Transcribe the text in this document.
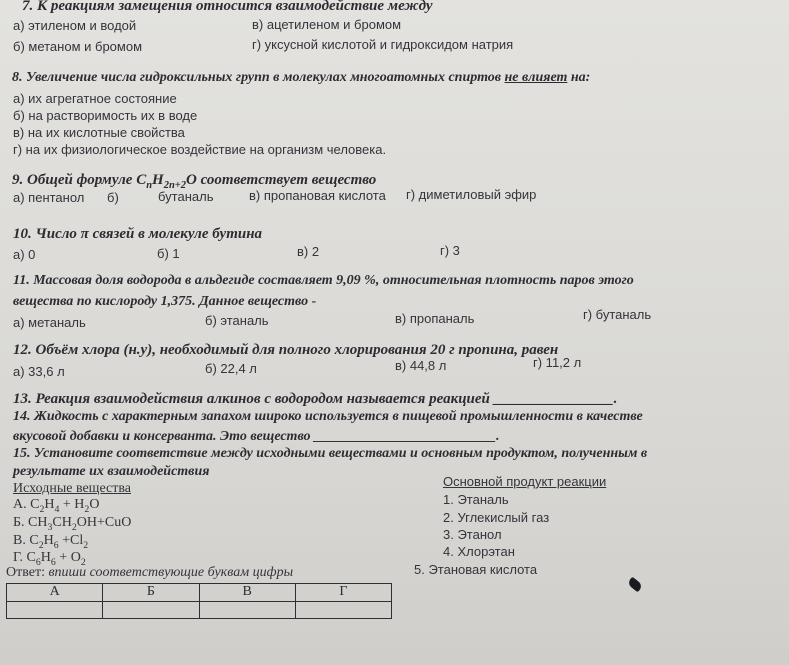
7. К реакциям замещения относится взаимодействие между
а) этиленом и водой	в) ацетиленом и бромом
б) метаном и бромом	г) уксусной кислотой и гидроксидом натрия
8. Увеличение числа гидроксильных групп в молекулах многоатомных спиртов не влияет на:
а) их агрегатное состояние
б) на растворимость их в воде
в) на их кислотные свойства
г) на их физиологическое воздействие на организм человека.
9. Общей формуле $C_nH_{2n+2}O$ соответствует вещество
а) пентанол б)	бутаналь	в) пропановая кислота г) диметиловый эфир
10. Число π связей в молекуле бутина
а) 0	б) 1	в) 2	г) 3
11. Массовая доля водорода в альдегиде составляет 9,09 %, относительная плотность паров этого
вещества по кислороду 1,375. Данное вещество -
а) метаналь	б) этаналь	в) пропаналь	г) бутаналь
12. Объём хлора (н.у), необходимый для полного хлорирования 20 г пропина, равен
а) 33,6 л	б) 22,4 л	в) 44,8 л	г) 11,2 л
13. Реакция взаимодействия алкинов с водородом называется реакцией ________________.
14. Жидкость с характерным запахом широко используется в пищевой промышленности в качестве
вкусовой добавки и консерванта. Это вещество __________________________.
15. Установите соответствие между исходными веществами и основным продуктом, полученным в
результате их взаимодействия
Исходные вещества
А. $C_2H_4 + H_2O$
Б. $CH_3CH_2OH+CuO$
В. $C_2H_6 +Cl_2$
Г. $C_6H_6 + O_2$
Основной продукт реакции
1. Этаналь
2. Углекислый газ
3. Этанол
4. Хлорэтан
5. Этановая кислота
Ответ: впиши соответствующие буквам цифры
А	Б	В	Г
